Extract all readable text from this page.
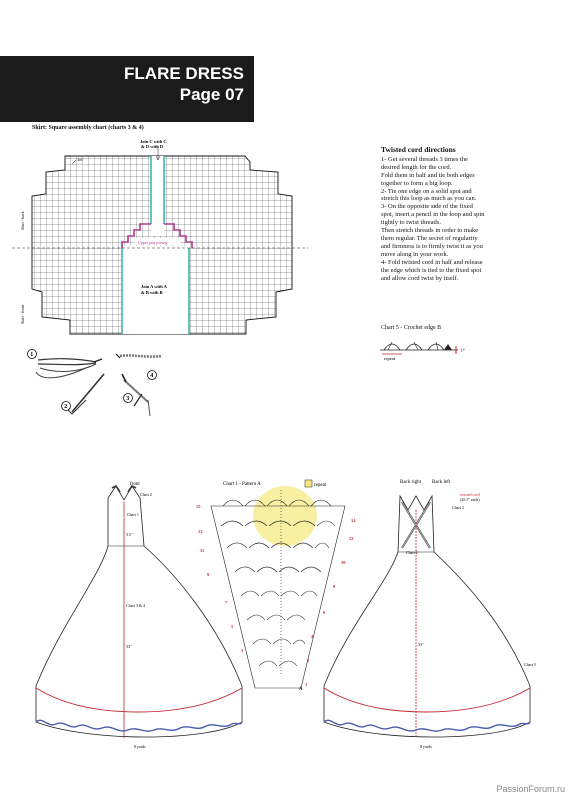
FLARE DRESS
Page 07
Skirt: Square assembly chart (charts 3 & 4)
Join C with C
& D with D
Upper part joining
Join A with A
& B with B
3rd
Skirt - back
Skirt - front
1
2
3
4
Twisted cord directions
1- Get several threads 3 times the desired length for the cord.
Fold them in half and tie both edges together to form a big loop.
2- Tie one edge on a solid spot and stretch this loop as much as you can.
3- On the opposite side of the fixed spot, insert a pencil in the loop and spin tightly to twist threads.
Then stretch threads in order to make them regular. The secret of regularity and firmness is to firmly twist it as you move along in your work.
4- Fold twisted cord in half and release the edge which is tied to the fixed spot and allow cord twist by itself.
Chart 5 - Crochet edge B
1*
repeat
front
Chart 2
Chart 1
Chart 3 & 4
3.5"
33"
8 yards
Chart 1 - Pattern A	repeat
15
13
11
9
7
5
3
14
12
10
8
6
4
2
1
A
Back right Back left
twisted cord
(45.5" each)
Chart 2
Chart 1
33"
Chart 5
8 yards
PassionForum.ru
